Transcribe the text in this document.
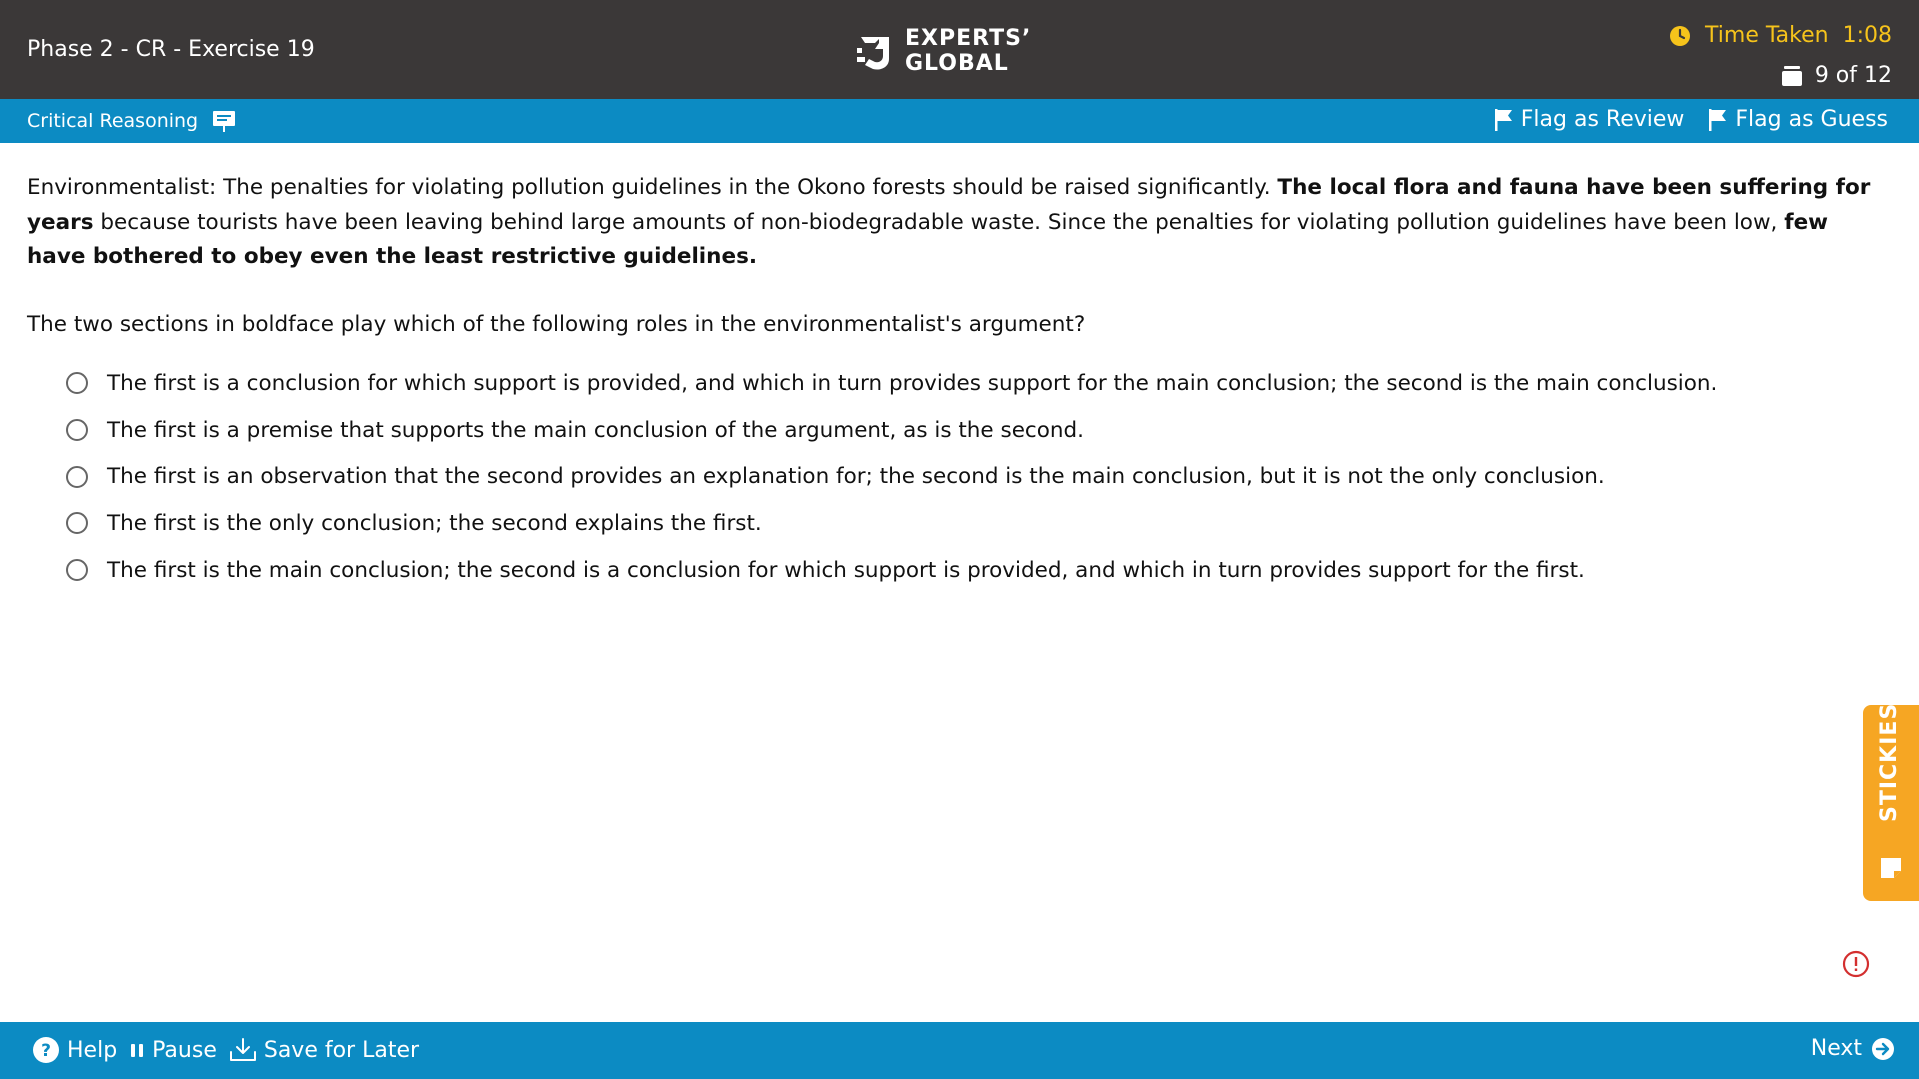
Phase 2 - CR - Exercise 19	EXPERTS’
GLOBAL
Time Taken 1:08
9 of 12
Critical Reasoning	Flag as Review Flag as Guess
Environmentalist: The penalties for violating pollution guidelines in the Okono forests should be raised significantly. The local flora and fauna have been suffering for years because tourists have been leaving behind large amounts of non-biodegradable waste. Since the penalties for violating pollution guidelines have been low, few have bothered to obey even the least restrictive guidelines.
The two sections in boldface play which of the following roles in the environmentalist's argument?
The first is a conclusion for which support is provided, and which in turn provides support for the main conclusion; the second is the main conclusion.
The first is a premise that supports the main conclusion of the argument, as is the second.
The first is an observation that the second provides an explanation for; the second is the main conclusion, but it is not the only conclusion.
The first is the only conclusion; the second explains the first.
The first is the main conclusion; the second is a conclusion for which support is provided, and which in turn provides support for the first.
STICKIES
? Help Pause Save for Later	Next
